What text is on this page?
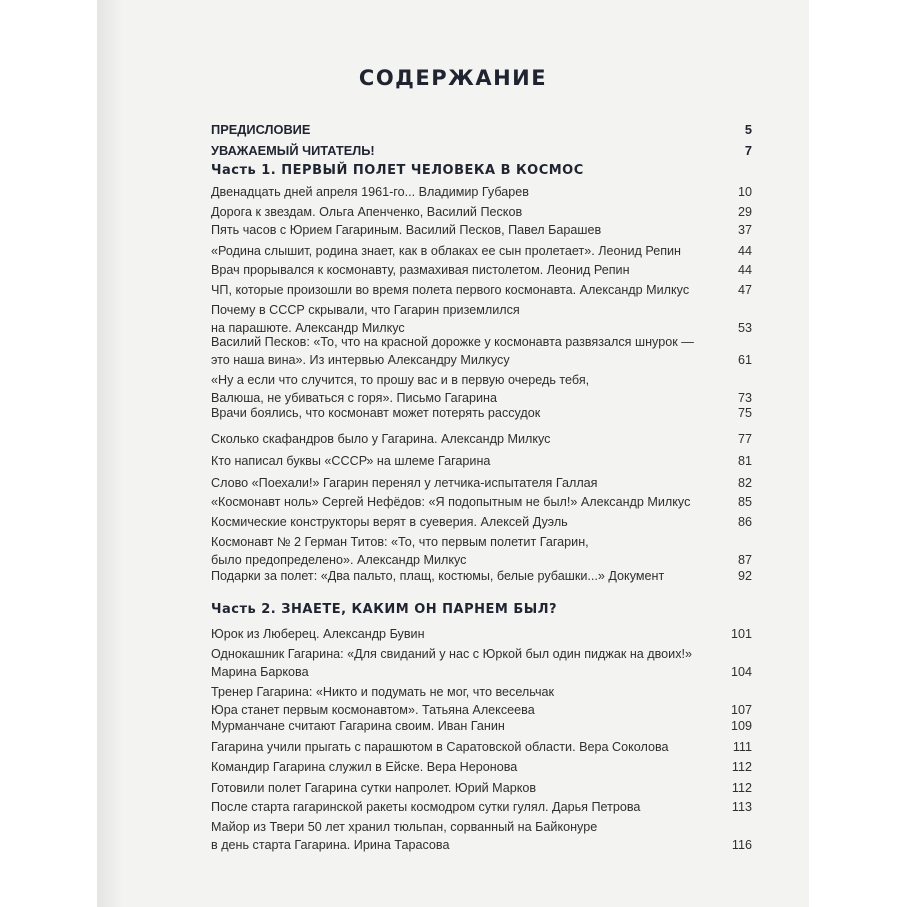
СОДЕРЖАНИЕ
ПРЕДИСЛОВИЕ	5
УВАЖАЕМЫЙ ЧИТАТЕЛЬ!	7
Часть 1. ПЕРВЫЙ ПОЛЕТ ЧЕЛОВЕКА В КОСМОС
Двенадцать дней апреля 1961-го... Владимир Губарев	10
Дорога к звездам. Ольга Апенченко, Василий Песков	29
Пять часов с Юрием Гагариным. Василий Песков, Павел Барашев	37
«Родина слышит, родина знает, как в облаках ее сын пролетает». Леонид Репин	44
Врач прорывался к космонавту, размахивая пистолетом. Леонид Репин	44
ЧП, которые произошли во время полета первого космонавта. Александр Милкус	47
Почему в СССР скрывали, что Гагарин приземлился
на парашюте. Александр Милкус	53
Василий Песков: «То, что на красной дорожке у космонавта развязался шнурок —
это наша вина». Из интервью Александру Милкусу	61
«Ну а если что случится, то прошу вас и в первую очередь тебя,
Валюша, не убиваться с горя». Письмо Гагарина	73
Врачи боялись, что космонавт может потерять рассудок	75
Сколько скафандров было у Гагарина. Александр Милкус	77
Кто написал буквы «СССР» на шлеме Гагарина	81
Слово «Поехали!» Гагарин перенял у летчика-испытателя Галлая	82
«Космонавт ноль» Сергей Нефёдов: «Я подопытным не был!» Александр Милкус	85
Космические конструкторы верят в суеверия. Алексей Дуэль	86
Космонавт № 2 Герман Титов: «То, что первым полетит Гагарин,
было предопределено». Александр Милкус	87
Подарки за полет: «Два пальто, плащ, костюмы, белые рубашки...» Документ	92
Часть 2. ЗНАЕТЕ, КАКИМ ОН ПАРНЕМ БЫЛ?
Юрок из Люберец. Александр Бувин	101
Однокашник Гагарина: «Для свиданий у нас с Юркой был один пиджак на двоих!»
Марина Баркова	104
Тренер Гагарина: «Никто и подумать не мог, что весельчак
Юра станет первым космонавтом». Татьяна Алексеева	107
Мурманчане считают Гагарина своим. Иван Ганин	109
Гагарина учили прыгать с парашютом в Саратовской области. Вера Соколова	111
Командир Гагарина служил в Ейске. Вера Неронова	112
Готовили полет Гагарина сутки напролет. Юрий Марков	112
После старта гагаринской ракеты космодром сутки гулял. Дарья Петрова	113
Майор из Твери 50 лет хранил тюльпан, сорванный на Байконуре
в день старта Гагарина. Ирина Тарасова	116
